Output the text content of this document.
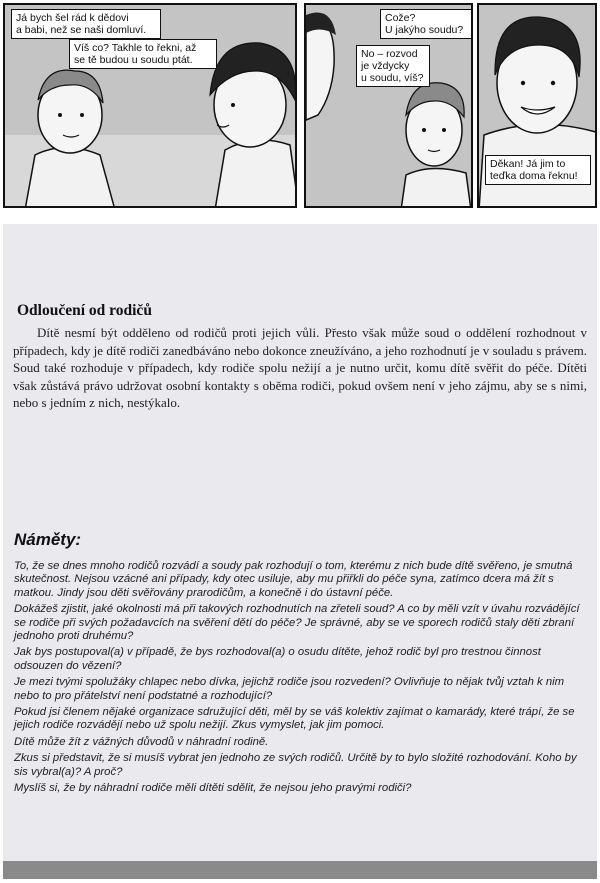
Já bych šel rád k dědovi
a babi, než se naši domluví.
Víš co? Takhle to řekni, až
se tě budou u soudu ptát.
Cože?
U jakýho soudu?
No – rozvod
je vždycky
u soudu, víš?
Děkan! Já jim to
teďka doma řeknu!
Odloučení od rodičů
Dítě nesmí být odděleno od rodičů proti jejich vůli. Přesto však může soud o oddělení rozhodnout v případech, kdy je dítě rodiči zanedbáváno nebo dokonce zneužíváno, a jeho rozhodnutí je v souladu s právem. Soud také rozhoduje v případech, kdy rodiče spolu nežijí a je nutno určit, komu dítě svěřit do péče. Dítěti však zůstává právo udržovat osobní kontakty s oběma rodiči, pokud ovšem není v jeho zájmu, aby se s nimi, nebo s jedním z nich, nestýkalo.
Náměty:

To, že se dnes mnoho rodičů rozvádí a soudy pak rozhodují o tom, kterému z nich bude dítě svěřeno, je smutná skutečnost. Nejsou vzácné ani případy, kdy otec usiluje, aby mu přiřkli do péče syna, zatímco dcera má žít s matkou. Jindy jsou děti svěřovány prarodičům, a konečně i do ústavní péče.

Dokážeš zjistit, jaké okolnosti má při takových rozhodnutích na zřeteli soud? A co by měli vzít v úvahu rozvádějící se rodiče při svých požadavcích na svěření dětí do péče? Je správné, aby se ve sporech rodičů staly děti zbraní jednoho proti druhému?

Jak bys postupoval(a) v případě, že bys rozhodoval(a) o osudu dítěte, jehož rodič byl pro trestnou činnost odsouzen do vězení?

Je mezi tvými spolužáky chlapec nebo dívka, jejichž rodiče jsou rozvedení? Ovlivňuje to nějak tvůj vztah k nim nebo to pro přátelství není podstatné a rozhodující?

Pokud jsi členem nějaké organizace sdružující děti, měl by se váš kolektiv zajímat o kamarády, které trápí, že se jejich rodiče rozvádějí nebo už spolu nežijí. Zkus vymyslet, jak jim pomoci.

Dítě může žít z vážných důvodů v náhradní rodině.

Zkus si představit, že si musíš vybrat jen jednoho ze svých rodičů. Určitě by to bylo složité rozhodování. Koho by sis vybral(a)? A proč?

Myslíš si, že by náhradní rodiče měli dítěti sdělit, že nejsou jeho pravými rodiči?
